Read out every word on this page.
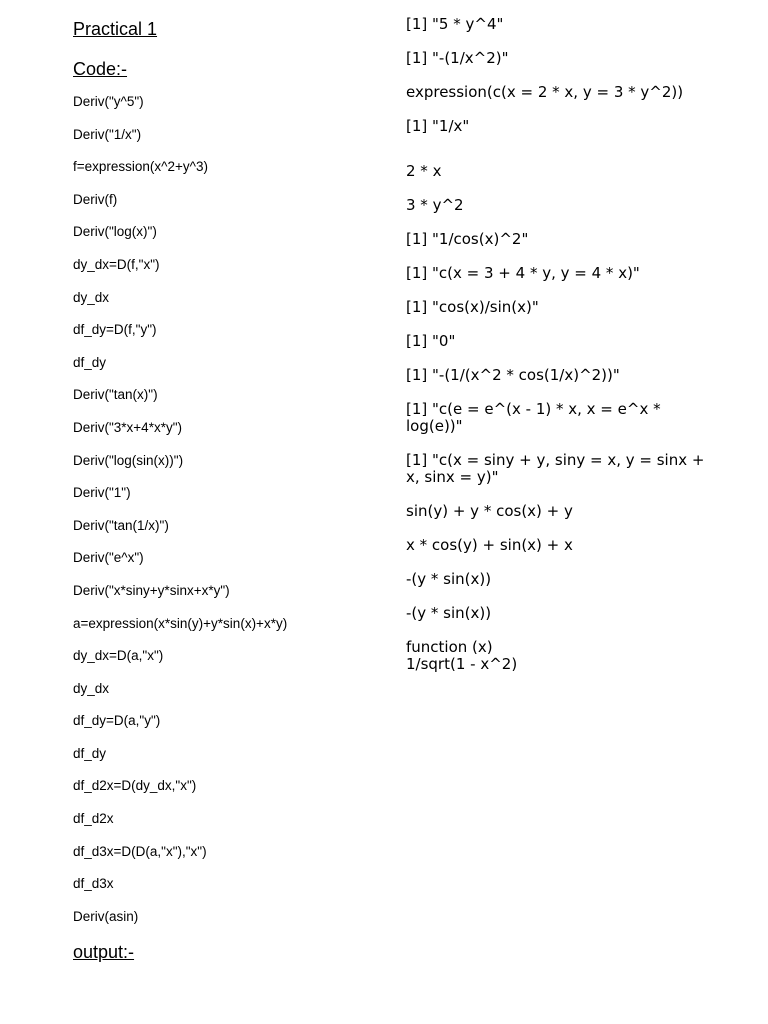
Practical 1
Code:-
Deriv("y^5")
Deriv("1/x")
f=expression(x^2+y^3)
Deriv(f)
Deriv("log(x)")
dy_dx=D(f,"x")
dy_dx
df_dy=D(f,"y")
df_dy
Deriv("tan(x)")
Deriv("3*x+4*x*y")
Deriv("log(sin(x))")
Deriv("1")
Deriv("tan(1/x)")
Deriv("e^x")
Deriv("x*siny+y*sinx+x*y")
a=expression(x*sin(y)+y*sin(x)+x*y)
dy_dx=D(a,"x")
dy_dx
df_dy=D(a,"y")
df_dy
df_d2x=D(dy_dx,"x")
df_d2x
df_d3x=D(D(a,"x"),"x")
df_d3x
Deriv(asin)
output:-
[1] "5 * y^4"
[1] "-(1/x^2)"
expression(c(x = 2 * x, y = 3 * y^2))
[1] "1/x"
2 * x
3 * y^2
[1] "1/cos(x)^2"
[1] "c(x = 3 + 4 * y, y = 4 * x)"
[1] "cos(x)/sin(x)"
[1] "0"
[1] "-(1/(x^2 * cos(1/x)^2))"
[1] "c(e = e^(x - 1) * x, x = e^x * log(e))"
[1] "c(x = siny + y, siny = x, y = sinx + x, sinx = y)"
sin(y) + y * cos(x) + y
x * cos(y) + sin(x) + x
-(y * sin(x))
-(y * sin(x))
function (x)
1/sqrt(1 - x^2)
